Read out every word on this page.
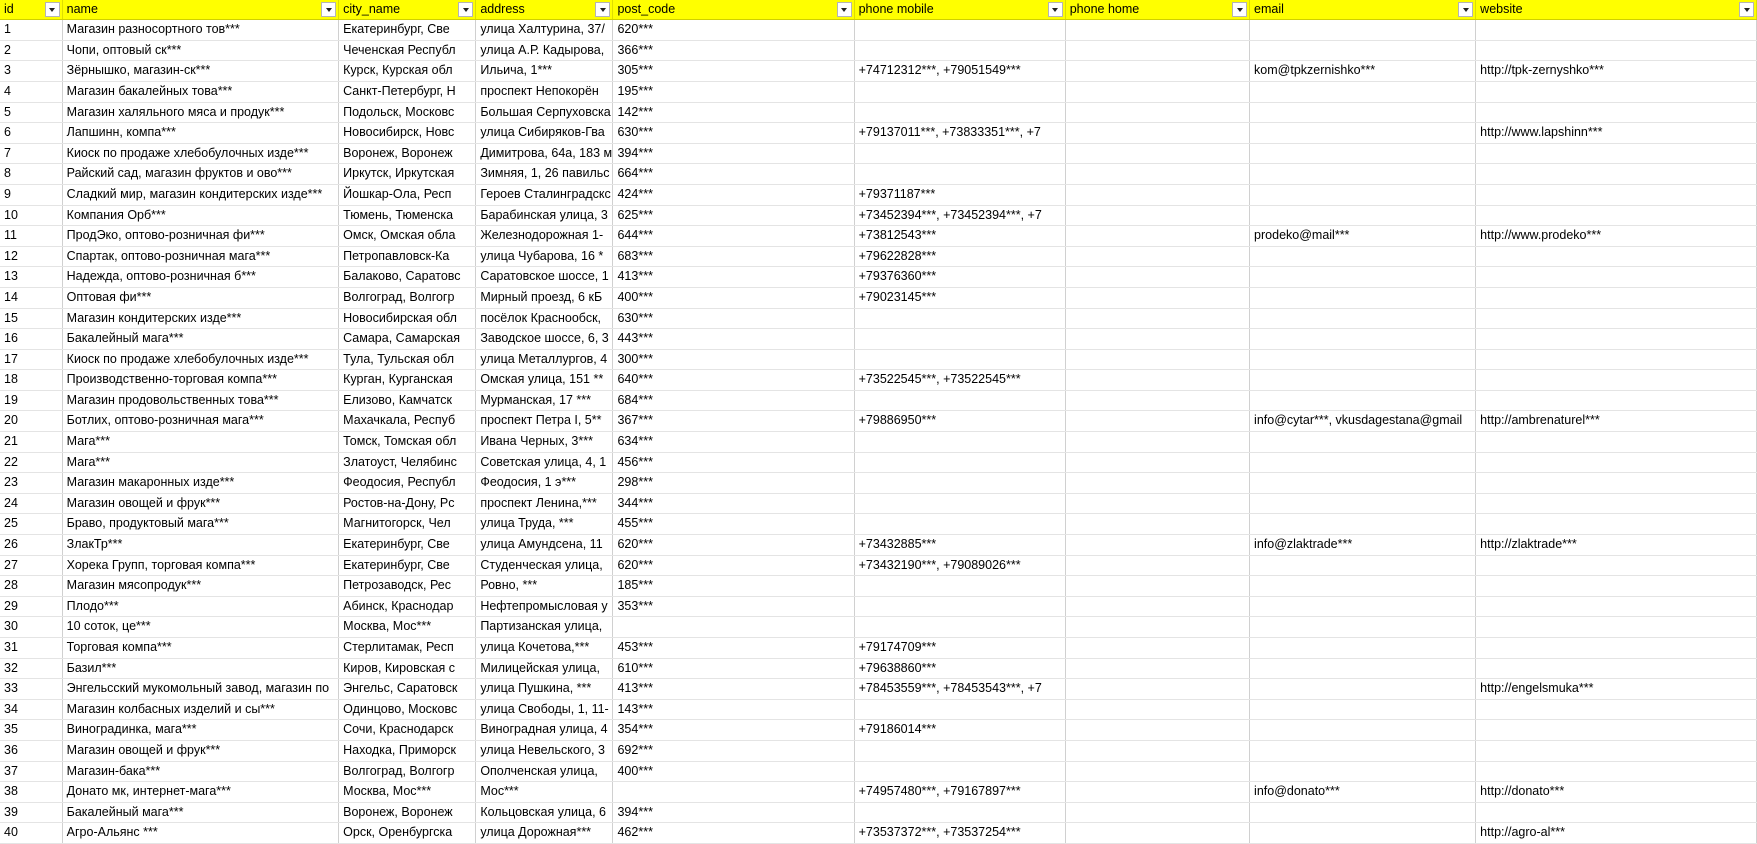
id	name	city_name	address	post_code	phone mobile	phone home	email	website

1	Магазин разносортного тов***	Екатеринбург, Све	улица Халтурина, 37/	620***				
2	Чопи, оптовый ск***	Чеченская Республ	улица А.Р. Кадырова,	366***				
3	Зёрнышко, магазин-ск***	Курск, Курская обл	Ильича, 1***	305***	+74712312***, +79051549***		kom@tpkzernishko***	http://tpk-zernyshko***
4	Магазин бакалейных това***	Санкт-Петербург, Н	проспект Непокорён	195***				
5	Магазин халяльного мяса и продук***	Подольск, Московс	Большая Серпуховска	142***				
6	Лапшинн, компа***	Новосибирск, Новс	улица Сибиряков-Гва	630***	+79137011***, +73833351***, +7			http://www.lapshinn***
7	Киоск по продаже хлебобулочных изде***	Воронеж, Воронеж	Димитрова, 64а, 183 м	394***				
8	Райский сад, магазин фруктов и ово***	Иркутск, Иркутская	Зимняя, 1, 26 павильс	664***				
9	Сладкий мир, магазин кондитерских изде***	Йошкар-Ола, Респ	Героев Сталинградскс	424***	+79371187***			
10	Компания Орб***	Тюмень, Тюменска	Барабинская улица, 3	625***	+73452394***, +73452394***, +7			
11	ПродЭко, оптово-розничная фи***	Омск, Омская обла	Железнодорожная 1-	644***	+73812543***		prodeko@mail***	http://www.prodeko***
12	Спартак, оптово-розничная мага***	Петропавловск-Ка	улица Чубарова, 16 *	683***	+79622828***			
13	Надежда, оптово-розничная б***	Балаково, Саратовс	Саратовское шоссе, 1	413***	+79376360***			
14	Оптовая фи***	Волгоград, Волгогр	Мирный проезд, 6 кБ	400***	+79023145***			
15	Магазин кондитерских изде***	Новосибирская обл	посёлок Краснообск,	630***				
16	Бакалейный мага***	Самара, Самарская	Заводское шоссе, 6, 3	443***				
17	Киоск по продаже хлебобулочных изде***	Тула, Тульская обл	улица Металлургов, 4	300***				
18	Производственно-торговая компа***	Курган, Курганская	Омская улица, 151 **	640***	+73522545***, +73522545***			
19	Магазин продовольственных това***	Елизово, Камчатск	Мурманская, 17 ***	684***				
20	Ботлих, оптово-розничная мага***	Махачкала, Респуб	проспект Петра I, 5**	367***	+79886950***		info@cytar***, vkusdagestana@gmail	http://ambrenaturel***
21	Мага***	Томск, Томская обл	Ивана Черных, 3***	634***				
22	Мага***	Златоуст, Челябинс	Советская улица, 4, 1	456***				
23	Магазин макаронных изде***	Феодосия, Республ	Феодосия, 1 э***	298***				
24	Магазин овощей и фрук***	Ростов-на-Дону, Рс	проспект Ленина,***	344***				
25	Браво, продуктовый мага***	Магнитогорск, Чел	улица Труда, ***	455***				
26	ЗлакТр***	Екатеринбург, Све	улица Амундсена, 11	620***	+73432885***		info@zlaktrade***	http://zlaktrade***
27	Хорека Групп, торговая компа***	Екатеринбург, Све	Студенческая улица,	620***	+73432190***, +79089026***			
28	Магазин мясопродук***	Петрозаводск, Рес	Ровно, ***	185***				
29	Плодо***	Абинск, Краснодар	Нефтепромысловая у	353***				
30	10 соток, це***	Москва, Мос***	Партизанская улица,					
31	Торговая компа***	Стерлитамак, Респ	улица Кочетова,***	453***	+79174709***			
32	Базил***	Киров, Кировская с	Милицейская улица,	610***	+79638860***			
33	Энгельсский мукомольный завод, магазин по	Энгельс, Саратовск	улица Пушкина, ***	413***	+78453559***, +78453543***, +7			http://engelsmuka***
34	Магазин колбасных изделий и сы***	Одинцово, Московс	улица Свободы, 1, 11-	143***				
35	Виноградинка, мага***	Сочи, Краснодарск	Виноградная улица, 4	354***	+79186014***			
36	Магазин овощей и фрук***	Находка, Приморск	улица Невельского, 3	692***				
37	Магазин-бака***	Волгоград, Волгогр	Ополченская улица,	400***				
38	Донато мк, интернет-мага***	Москва, Мос***	Мос***		+74957480***, +79167897***		info@donato***	http://donato***
39	Бакалейный мага***	Воронеж, Воронеж	Кольцовская улица, 6	394***				
40	Агро-Альянс ***	Орск, Оренбургска	улица Дорожная***	462***	+73537372***, +73537254***			http://agro-al***
